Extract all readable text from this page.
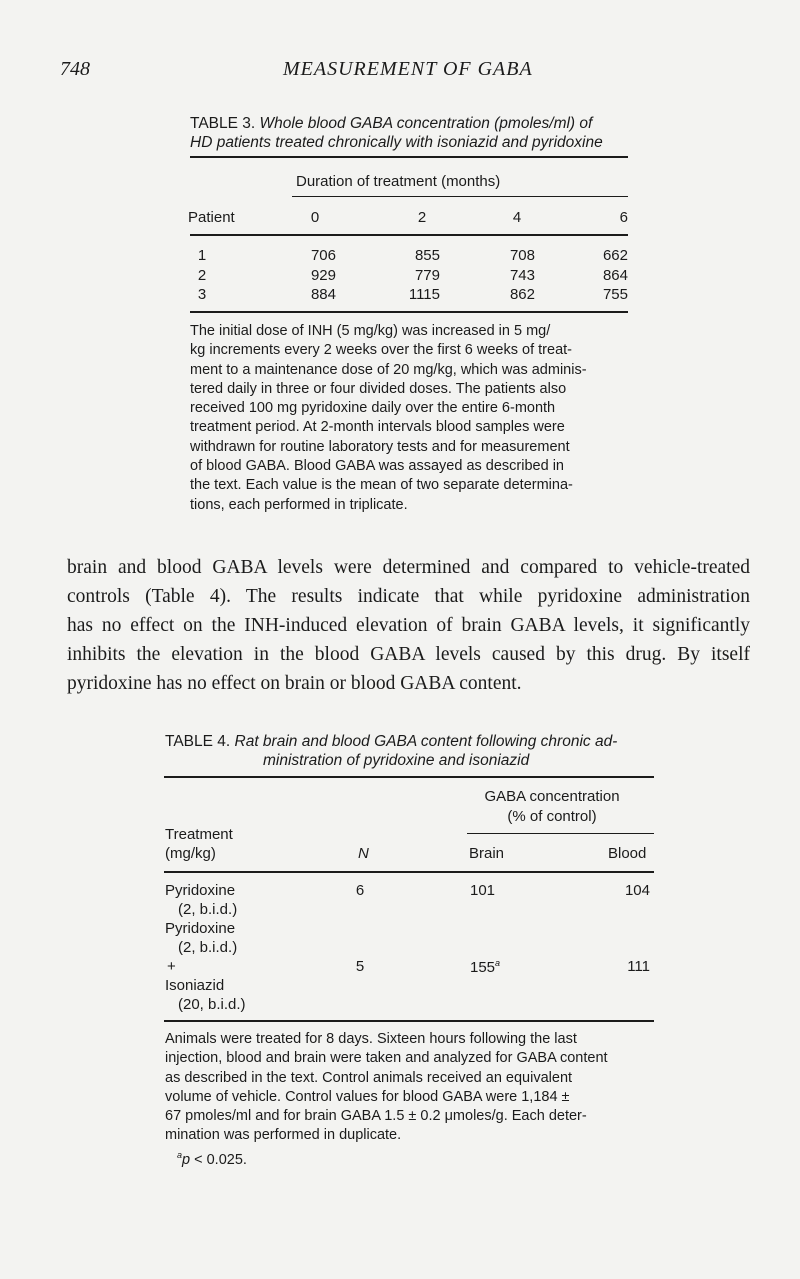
748	MEASUREMENT OF GABA
TABLE 3. Whole blood GABA concentration (pmoles/ml) of
HD patients treated chronically with isoniazid and pyridoxine
Duration of treatment (months)
Patient	0	2	4	6
1	706	855	708	662
2	929	779	743	864
3	884	1115	862	755
The initial dose of INH (5 mg/kg) was increased in 5 mg/
kg increments every 2 weeks over the first 6 weeks of treat-
ment to a maintenance dose of 20 mg/kg, which was adminis-
tered daily in three or four divided doses. The patients also
received 100 mg pyridoxine daily over the entire 6-month
treatment period. At 2-month intervals blood samples were
withdrawn for routine laboratory tests and for measurement
of blood GABA. Blood GABA was assayed as described in
the text. Each value is the mean of two separate determina-
tions, each performed in triplicate.
brain and blood GABA levels were determined and compared to vehicle-treated
controls (Table 4). The results indicate that while pyridoxine administration
has no effect on the INH-induced elevation of brain GABA levels, it significantly
inhibits the elevation in the blood GABA levels caused by this drug. By itself
pyridoxine has no effect on brain or blood GABA content.
TABLE 4. Rat brain and blood GABA content following chronic ad-
ministration of pyridoxine and isoniazid
GABA concentration
(% of control)
Treatment
(mg/kg)	N	Brain	Blood
Pyridoxine
(2, b.i.d.)
6	101	104
Pyridoxine
(2, b.i.d.)
+
Isoniazid
(20, b.i.d.)
5	155$^a$	111
Animals were treated for 8 days. Sixteen hours following the last
injection, blood and brain were taken and analyzed for GABA content
as described in the text. Control animals received an equivalent
volume of vehicle. Control values for blood GABA were 1,184 ±
67 pmoles/ml and for brain GABA 1.5 ± 0.2 μmoles/g. Each deter-
mination was performed in duplicate.
$^a$p < 0.025.
